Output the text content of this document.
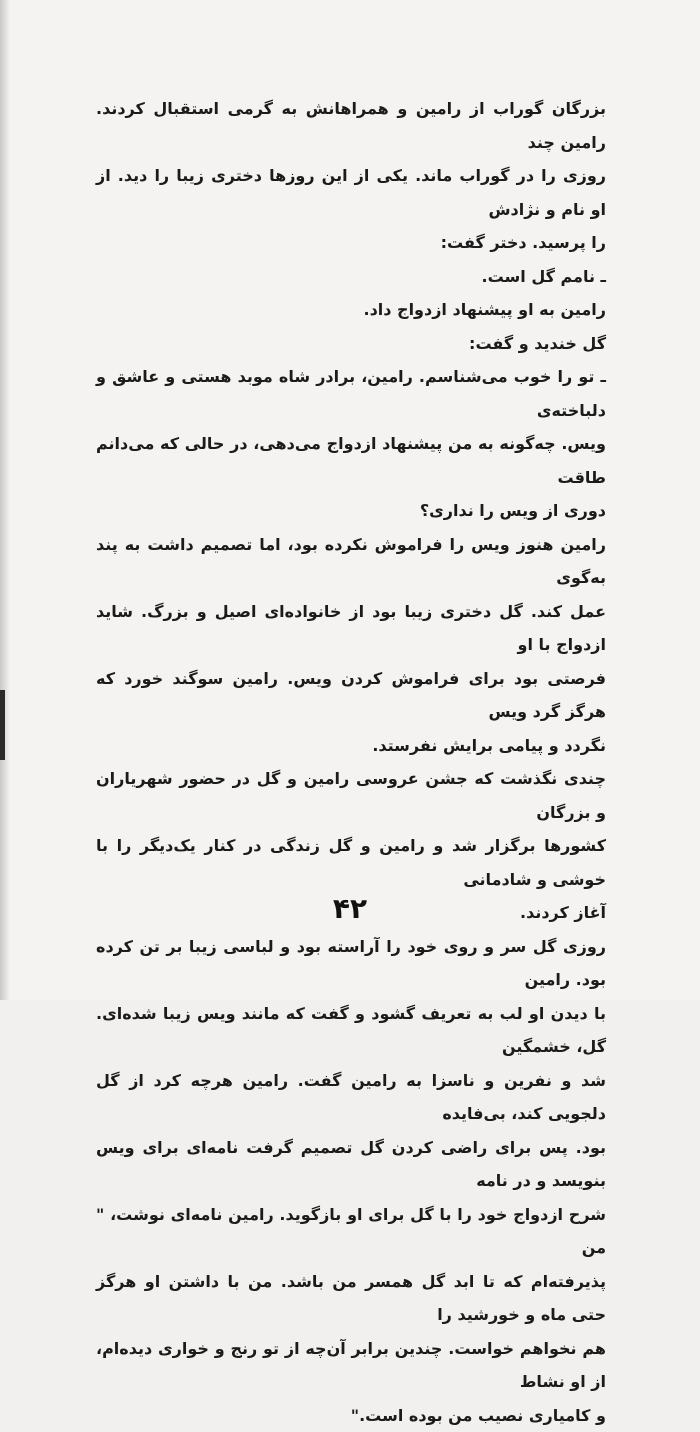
بزرگان گوراب از رامین و همراهانش به گرمی استقبال کردند. رامین چند
روزی را در گوراب ماند. یکی از این روزها دختری زیبا را دید. از او نام و نژادش
را پرسید. دختر گفت:

ـ نامم گل است.

رامین به او پیشنهاد ازدواج داد.

گل خندید و گفت:

ـ تو را خوب می‌شناسم. رامین، برادر شاه موبد هستی و عاشق و دلباخته‌ی
ویس. چه‌گونه به من پیشنهاد ازدواج می‌دهی، در حالی که می‌دانم طاقت
دوری از ویس را نداری؟

رامین هنوز ویس را فراموش نکرده بود، اما تصمیم داشت به پند به‌گوی
عمل کند. گل دختری زیبا بود از خانواده‌ای اصیل و بزرگ. شاید ازدواج با او
فرصتی بود برای فراموش کردن ویس. رامین سوگند خورد که هرگز گرد ویس
نگردد و پیامی برایش نفرستد.

چندی نگذشت که جشن عروسی رامین و گل در حضور شهریاران و بزرگان
کشورها برگزار شد و رامین و گل زندگی در کنار یک‌دیگر را با خوشی و شادمانی
آغاز کردند.

روزی گل سر و روی خود را آراسته بود و لباسی زیبا بر تن کرده بود. رامین
با دیدن او لب به تعریف گشود و گفت که مانند ویس زیبا شده‌ای. گل، خشمگین
شد و نفرین و ناسزا به رامین گفت. رامین هرچه کرد از گل دلجویی کند، بی‌فایده
بود. پس برای راضی کردن گل تصمیم گرفت نامه‌ای برای ویس بنویسد و در نامه
شرح ازدواج خود را با گل برای او بازگوید. رامین نامه‌ای نوشت، " من
پذیرفته‌ام که تا ابد گل همسر من باشد. من با داشتن او هرگز حتی ماه و خورشید را
هم نخواهم خواست. چندین برابر آن‌چه از تو رنج و خواری دیده‌ام، از او نشاط
و کامیاری نصیب من بوده است."

۴۲
